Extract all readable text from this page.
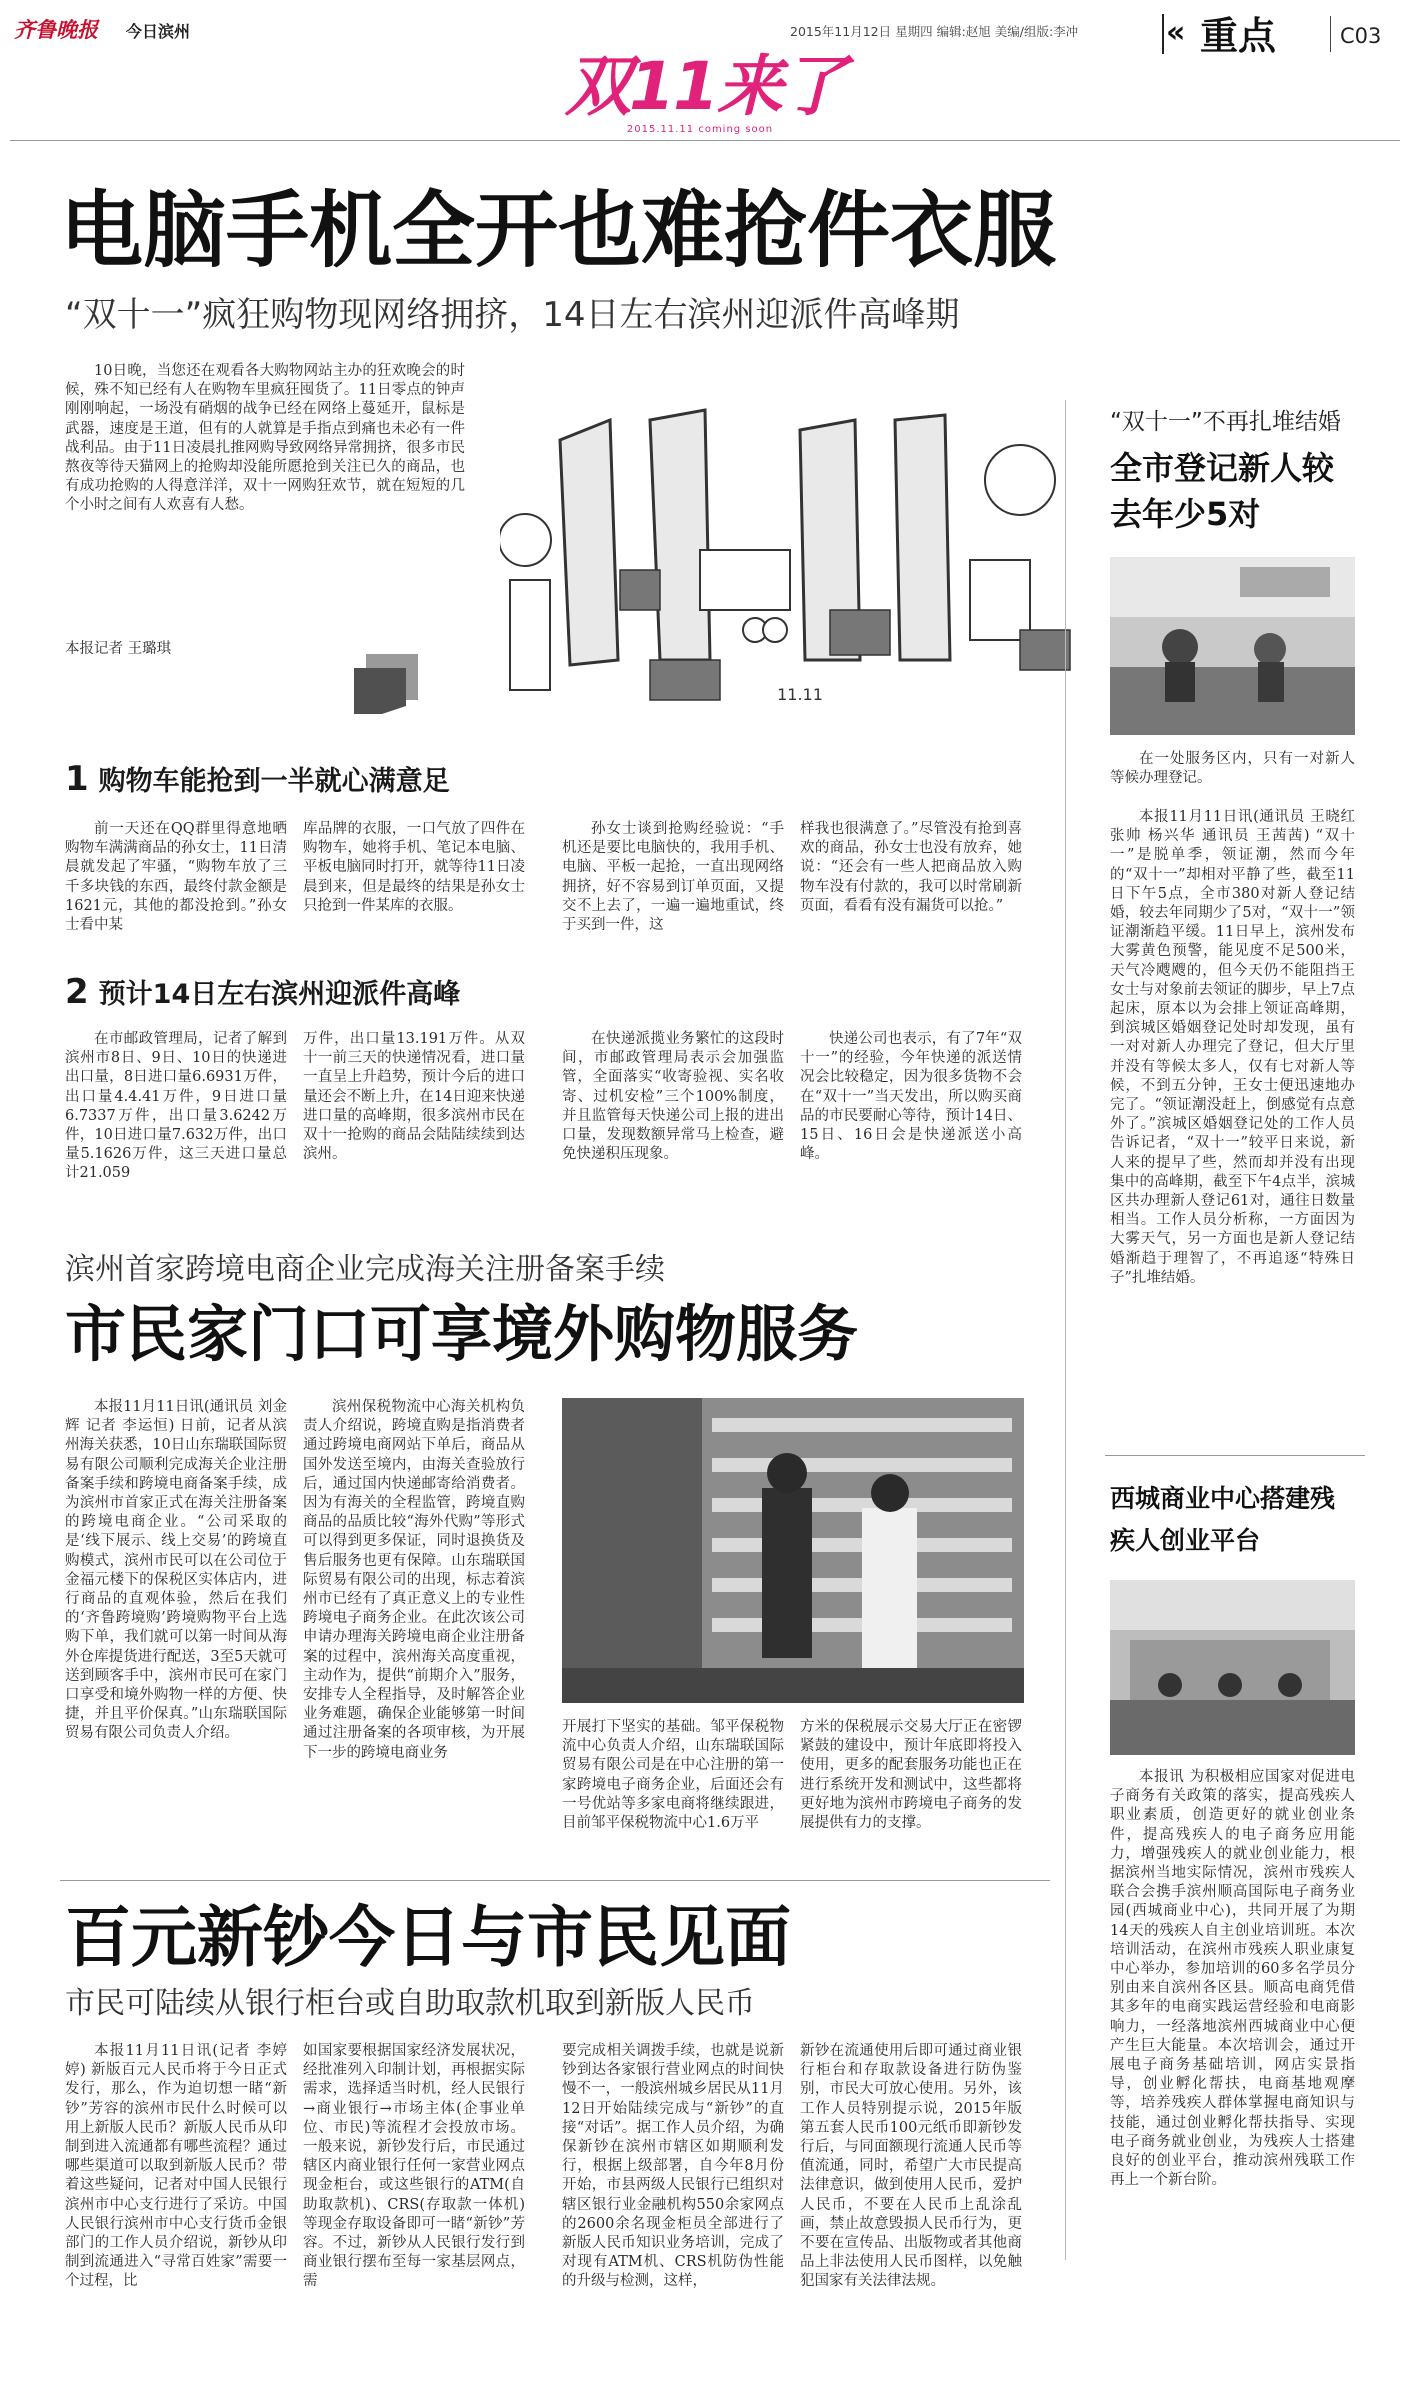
齐鲁晚报	今日滨州	2015年11月12日 星期四 编辑:赵旭 美编/组版:李冲	« 重点	C03
双11来了
2015.11.11 coming soon
电脑手机全开也难抢件衣服
“双十一”疯狂购物现网络拥挤，14日左右滨州迎派件高峰期
10日晚，当您还在观看各大购物网站主办的狂欢晚会的时候，殊不知已经有人在购物车里疯狂囤货了。11日零点的钟声刚刚响起，一场没有硝烟的战争已经在网络上蔓延开，鼠标是武器，速度是王道，但有的人就算是手指点到痛也未必有一件战利品。由于11日凌晨扎推网购导致网络异常拥挤，很多市民熬夜等待天猫网上的抢购却没能所愿抢到关注已久的商品，也有成功抢购的人得意洋洋，双十一网购狂欢节，就在短短的几个小时之间有人欢喜有人愁。
本报记者 王璐琪
11.11
1 购物车能抢到一半就心满意足
前一天还在QQ群里得意地晒购物车满满商品的孙女士，11日清晨就发起了牢骚，“购物车放了三千多块钱的东西，最终付款金额是1621元，其他的都没抢到。”孙女士看中某
库品牌的衣服，一口气放了四件在购物车，她将手机、笔记本电脑、平板电脑同时打开，就等待11日凌晨到来，但是最终的结果是孙女士只抢到一件某库的衣服。
孙女士谈到抢购经验说：“手机还是要比电脑快的，我用手机、电脑、平板一起抢，一直出现网络拥挤，好不容易到订单页面，又提交不上去了，一遍一遍地重试，终于买到一件，这
样我也很满意了。”尽管没有抢到喜欢的商品，孙女士也没有放弃，她说：“还会有一些人把商品放入购物车没有付款的，我可以时常刷新页面，看看有没有漏货可以抢。”
2 预计14日左右滨州迎派件高峰
在市邮政管理局，记者了解到滨州市8日、9日、10日的快递进出口量，8日进口量6.6931万件，出口量4.4.41万件，9日进口量6.7337万件，出口量3.6242万件，10日进口量7.632万件，出口量5.1626万件，这三天进口量总计21.059
万件，出口量13.191万件。从双十一前三天的快递情况看，进口量一直呈上升趋势，预计今后的进口量还会不断上升，在14日迎来快递进口量的高峰期，很多滨州市民在双十一抢购的商品会陆陆续续到达滨州。
在快递派揽业务繁忙的这段时间，市邮政管理局表示会加强监管，全面落实“收寄验视、实名收寄、过机安检”三个100%制度，并且监管每天快递公司上报的进出口量，发现数额异常马上检查，避免快递积压现象。
快递公司也表示，有了7年“双十一”的经验，今年快递的派送情况会比较稳定，因为很多货物不会在“双十一”当天发出，所以购买商品的市民要耐心等待，预计14日、15日、16日会是快递派送小高峰。
“双十一”不再扎堆结婚
全市登记新人较去年少5对
在一处服务区内，只有一对新人等候办理登记。
本报11月11日讯(通讯员 王晓红 张帅 杨兴华 通讯员 王茜茜) “双十一”是脱单季，领证潮，然而今年的“双十一”却相对平静了些，截至11日下午5点，全市380对新人登记结婚，较去年同期少了5对，“双十一”领证潮渐趋平缓。11日早上，滨州发布大雾黄色预警，能见度不足500米，天气冷飕飕的，但今天仍不能阻挡王女士与对象前去领证的脚步，早上7点起床，原本以为会排上领证高峰期，到滨城区婚姻登记处时却发现，虽有一对对新人办理完了登记，但大厅里并没有等候太多人，仅有七对新人等候，不到五分钟，王女士便迅速地办完了。“领证潮没赶上，倒感觉有点意外了。”滨城区婚姻登记处的工作人员告诉记者，“双十一”较平日来说，新人来的提早了些，然而却并没有出现集中的高峰期，截至下午4点半，滨城区共办理新人登记61对，通往日数量相当。工作人员分析称，一方面因为大雾天气，另一方面也是新人登记结婚渐趋于理智了，不再追逐“特殊日子”扎堆结婚。
西城商业中心搭建残疾人创业平台
本报讯 为积极相应国家对促进电子商务有关政策的落实，提高残疾人职业素质，创造更好的就业创业条件，提高残疾人的电子商务应用能力，增强残疾人的就业创业能力，根据滨州当地实际情况，滨州市残疾人联合会携手滨州顺高国际电子商务业园(西城商业中心)，共同开展了为期14天的残疾人自主创业培训班。本次培训活动，在滨州市残疾人职业康复中心举办，参加培训的60多名学员分别由来自滨州各区县。顺高电商凭借其多年的电商实践运营经验和电商影响力，一经落地滨州西城商业中心便产生巨大能量。本次培训会，通过开展电子商务基础培训，网店实景指导，创业孵化帮扶，电商基地观摩等，培养残疾人群体掌握电商知识与技能，通过创业孵化帮扶指导、实现电子商务就业创业，为残疾人士搭建良好的创业平台，推动滨州残联工作再上一个新台阶。
滨州首家跨境电商企业完成海关注册备案手续
市民家门口可享境外购物服务
本报11月11日讯(通讯员 刘金辉 记者 李运恒) 日前，记者从滨州海关获悉，10日山东瑞联国际贸易有限公司顺利完成海关企业注册备案手续和跨境电商备案手续，成为滨州市首家正式在海关注册备案的跨境电商企业。“公司采取的是‘线下展示、线上交易’的跨境直购模式，滨州市民可以在公司位于金福元楼下的保税区实体店内，进行商品的直观体验，然后在我们的‘齐鲁跨境购’跨境购物平台上选购下单，我们就可以第一时间从海外仓库提货进行配送，3至5天就可送到顾客手中，滨州市民可在家门口享受和境外购物一样的方便、快捷，并且平价保真。”山东瑞联国际贸易有限公司负责人介绍。
滨州保税物流中心海关机构负责人介绍说，跨境直购是指消费者通过跨境电商网站下单后，商品从国外发送至境内，由海关查验放行后，通过国内快递邮寄给消费者。因为有海关的全程监管，跨境直购商品的品质比较“海外代购”等形式可以得到更多保证，同时退换货及售后服务也更有保障。山东瑞联国际贸易有限公司的出现，标志着滨州市已经有了真正意义上的专业性跨境电子商务企业。在此次该公司申请办理海关跨境电商企业注册备案的过程中，滨州海关高度重视，主动作为，提供“前期介入”服务，安排专人全程指导，及时解答企业业务难题，确保企业能够第一时间通过注册备案的各项审核，为开展下一步的跨境电商业务
开展打下坚实的基础。邹平保税物流中心负责人介绍，山东瑞联国际贸易有限公司是在中心注册的第一家跨境电子商务企业，后面还会有一号优站等多家电商将继续跟进，目前邹平保税物流中心1.6万平
方米的保税展示交易大厅正在密锣紧鼓的建设中，预计年底即将投入使用，更多的配套服务功能也正在进行系统开发和测试中，这些都将更好地为滨州市跨境电子商务的发展提供有力的支撑。
百元新钞今日与市民见面
市民可陆续从银行柜台或自助取款机取到新版人民币
本报11月11日讯(记者 李婷婷) 新版百元人民币将于今日正式发行，那么，作为迫切想一睹“新钞”芳容的滨州市民什么时候可以用上新版人民币？新版人民币从印制到进入流通都有哪些流程？通过哪些渠道可以取到新版人民币？带着这些疑问，记者对中国人民银行滨州市中心支行进行了采访。中国人民银行滨州市中心支行货币金银部门的工作人员介绍说，新钞从印制到流通进入“寻常百姓家”需要一个过程，比
如国家要根据国家经济发展状况，经批准列入印制计划，再根据实际需求，选择适当时机，经人民银行→商业银行→市场主体(企事业单位、市民)等流程才会投放市场。一般来说，新钞发行后，市民通过辖区内商业银行任何一家营业网点现金柜台，或这些银行的ATM(自助取款机)、CRS(存取款一体机)等现金存取设备即可一睹“新钞”芳容。不过，新钞从人民银行发行到商业银行摆布至每一家基层网点，需
要完成相关调拨手续，也就是说新钞到达各家银行营业网点的时间快慢不一，一般滨州城乡居民从11月12日开始陆续完成与“新钞”的直接“对话”。据工作人员介绍，为确保新钞在滨州市辖区如期顺利发行，根据上级部署，自今年8月份开始，市县两级人民银行已组织对辖区银行业金融机构550余家网点的2600余名现金柜员全部进行了新版人民币知识业务培训，完成了对现有ATM机、CRS机防伪性能的升级与检测，这样，
新钞在流通使用后即可通过商业银行柜台和存取款设备进行防伪鉴别，市民大可放心使用。另外，该工作人员特别提示说，2015年版第五套人民币100元纸币即新钞发行后，与同面额现行流通人民币等值流通，同时，希望广大市民提高法律意识，做到使用人民币，爱护人民币，不要在人民币上乱涂乱画，禁止故意毁损人民币行为，更不要在宣传品、出版物或者其他商品上非法使用人民币图样，以免触犯国家有关法律法规。
